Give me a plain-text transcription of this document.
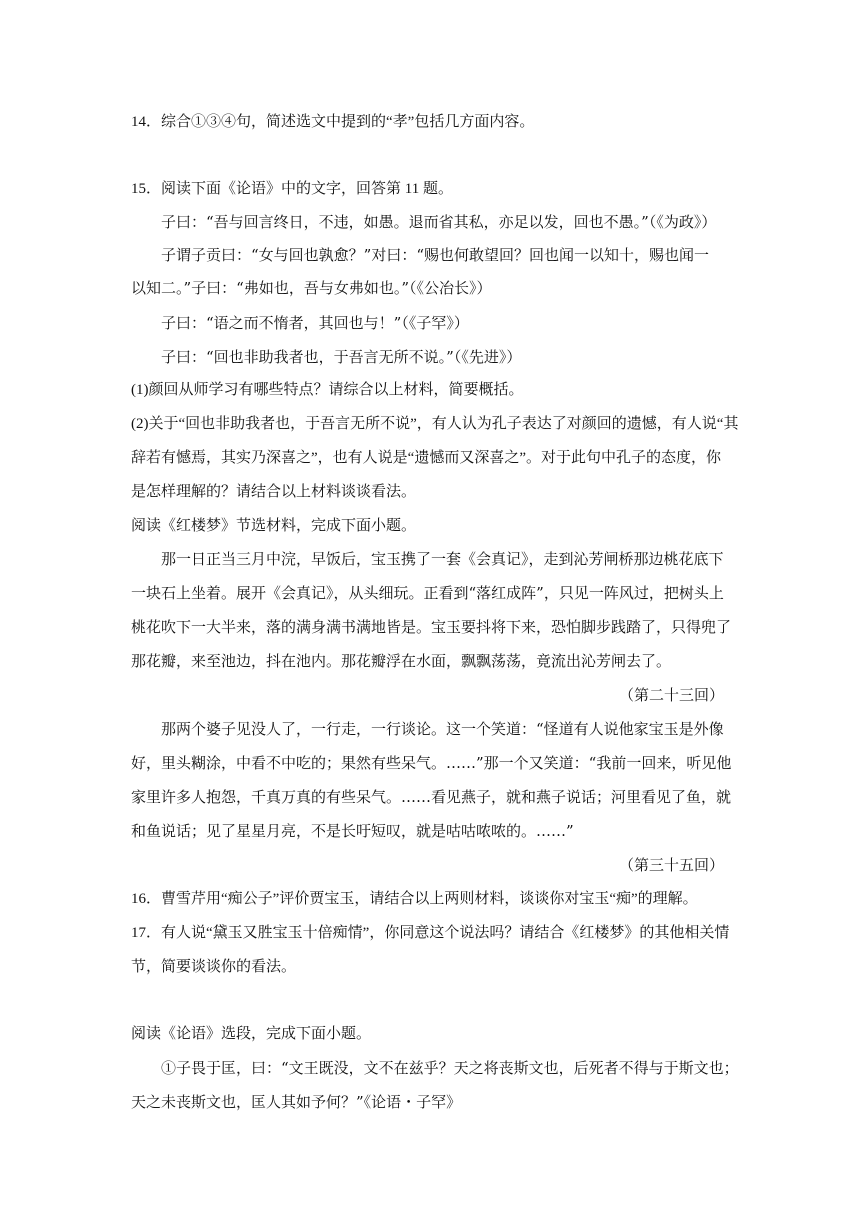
14．综合①③④句，简述选文中提到的“孝”包括几方面内容。
15．阅读下面《论语》中的文字，回答第 11 题。
子曰：“吾与回言终日，不违，如愚。退而省其私，亦足以发，回也不愚。”（《为政》）
子谓子贡曰：“女与回也孰愈？”对曰：“赐也何敢望回？回也闻一以知十，赐也闻一
以知二。”子曰：“弗如也，吾与女弗如也。”（《公冶长》）
子曰：“语之而不惰者，其回也与！”（《子罕》）
子曰：“回也非助我者也，于吾言无所不说。”（《先进》）
(1)颜回从师学习有哪些特点？请综合以上材料，简要概括。
(2)关于“回也非助我者也，于吾言无所不说”，有人认为孔子表达了对颜回的遗憾，有人说“其
辞若有憾焉，其实乃深喜之”，也有人说是“遗憾而又深喜之”。对于此句中孔子的态度，你
是怎样理解的？请结合以上材料谈谈看法。
阅读《红楼梦》节选材料，完成下面小题。
那一日正当三月中浣，早饭后，宝玉携了一套《会真记》，走到沁芳闸桥那边桃花底下
一块石上坐着。展开《会真记》，从头细玩。正看到“落红成阵”，只见一阵风过，把树头上
桃花吹下一大半来，落的满身满书满地皆是。宝玉要抖将下来，恐怕脚步践踏了，只得兜了
那花瓣，来至池边，抖在池内。那花瓣浮在水面，飘飘荡荡，竟流出沁芳闸去了。
（第二十三回）
那两个婆子见没人了，一行走，一行谈论。这一个笑道：“怪道有人说他家宝玉是外像
好，里头糊涂，中看不中吃的；果然有些呆气。……”那一个又笑道：“我前一回来，听见他
家里许多人抱怨，千真万真的有些呆气。……看见燕子，就和燕子说话；河里看见了鱼，就
和鱼说话；见了星星月亮，不是长吁短叹，就是咕咕哝哝的。……”
（第三十五回）
16．曹雪芹用“痴公子”评价贾宝玉，请结合以上两则材料，谈谈你对宝玉“痴”的理解。
17．有人说“黛玉又胜宝玉十倍痴情”，你同意这个说法吗？请结合《红楼梦》的其他相关情
节，简要谈谈你的看法。
阅读《论语》选段，完成下面小题。
①子畏于匡，曰：“文王既没，文不在兹乎？天之将丧斯文也，后死者不得与于斯文也；
天之未丧斯文也，匡人其如予何？”《论语・子罕》
